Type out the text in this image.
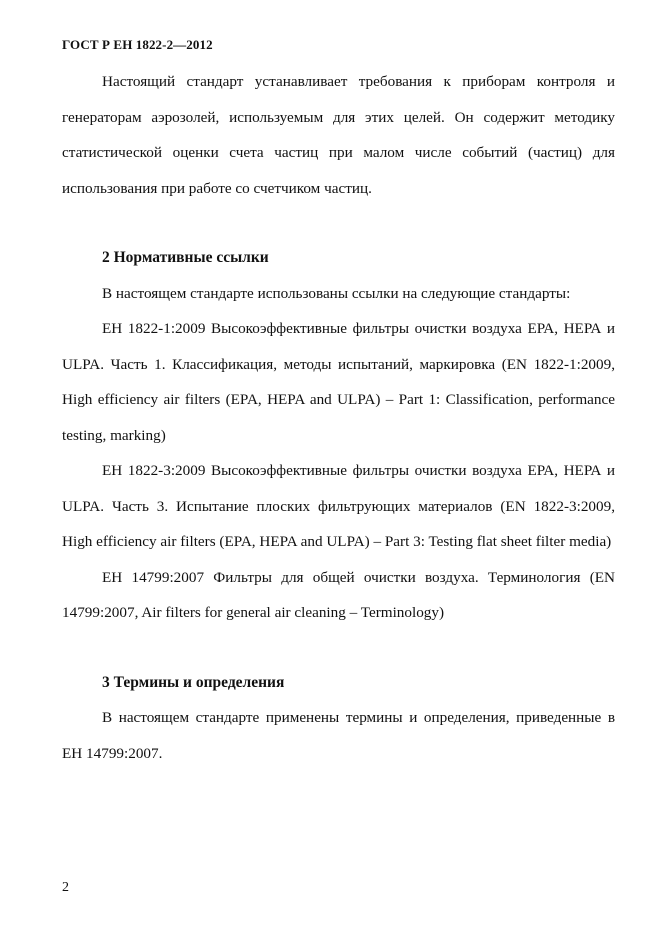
ГОСТ Р ЕН 1822-2—2012

Настоящий стандарт устанавливает требования к приборам контроля и генераторам аэрозолей, используемым для этих целей. Он содержит методику статистической оценки счета частиц при малом числе событий (частиц) для использования при работе со счетчиком частиц.

2 Нормативные ссылки

В настоящем стандарте использованы ссылки на следующие стандарты:

ЕН 1822-1:2009 Высокоэффективные фильтры очистки воздуха ЕРА, НЕРА и ULPA. Часть 1. Классификация, методы испытаний, маркировка (EN 1822-1:2009, High efficiency air filters (EPA, HEPA and ULPA) – Part 1: Classification, performance testing, marking)

ЕН 1822-3:2009 Высокоэффективные фильтры очистки воздуха ЕРА, НЕРА и ULPA. Часть 3. Испытание плоских фильтрующих материалов (EN 1822-3:2009, High efficiency air filters (EPA, HEPA and ULPA) – Part 3: Testing flat sheet filter media)

ЕН 14799:2007 Фильтры для общей очистки воздуха. Терминология (EN 14799:2007, Air filters for general air cleaning – Terminology)

3 Термины и определения

В настоящем стандарте применены термины и определения, приведенные в ЕН 14799:2007.

2
